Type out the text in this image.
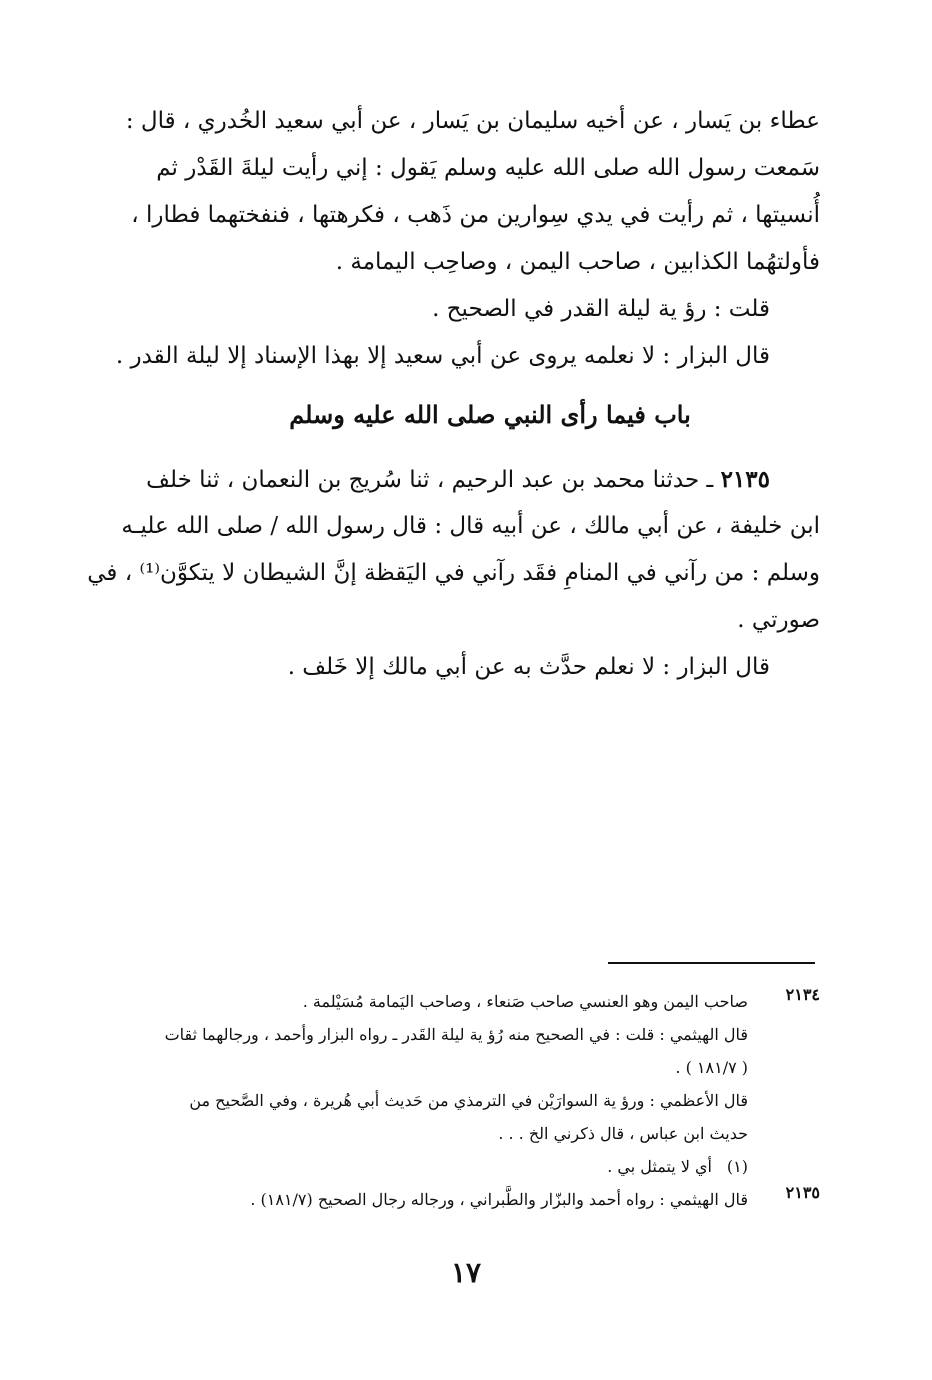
عطاء بن يَسار ، عن أخيه سليمان بن يَسار ، عن أبي سعيد الخُدري ، قال :
سَمعت رسول الله صلى الله عليه وسلم يَقول : إني رأيت ليلةَ القَدْر ثم
أُنسيتها ، ثم رأيت في يدي سِوارين من ذَهب ، فكرهتها ، فنفختهما فطارا ،
فأولتهُما الكذابين ، صاحب اليمن ، وصاحِب اليمامة .
قلت : رؤ ية ليلة القدر في الصحيح .
قال البزار : لا نعلمه يروى عن أبي سعيد إلا بهذا الإسناد إلا ليلة القدر .
باب فيما رأى النبي صلى الله عليه وسلم
٢١٣٥ ـ حدثنا محمد بن عبد الرحيم ، ثنا سُريج بن النعمان ، ثنا خلف
ابن خليفة ، عن أبي مالك ، عن أبيه قال : قال رسول الله / صلى الله عليـه
وسلم : من رآني في المنامِ فقَد رآني في اليَقظة إنَّ الشيطان لا يتكوَّن⁽¹⁾ ، في
صورتي .
قال البزار : لا نعلم حدَّث به عن أبي مالك إلا خَلف .
٢١٣٤
صاحب اليمن وهو العنسي صاحب صَنعاء ، وصاحب اليَمامة مُسَيْلمة .
قال الهيثمي : قلت : في الصحيح منه رُؤ ية ليلة القَدر ـ رواه البزار وأحمد ، ورجالهما ثقات
( ١٨١/٧ ) .
قال الأعظمي : ورؤ ية السوارَيْن في الترمذي من حَديث أبي هُريرة ، وفي الصَّحيح من
حديث ابن عباس ، قال ذكرني الخ . . .
(١)أي لا يتمثل بي .
٢١٣٥
قال الهيثمي : رواه أحمد والبزّار والطَّبراني ، ورجاله رجال الصحيح (١٨١/٧) .
١٧
